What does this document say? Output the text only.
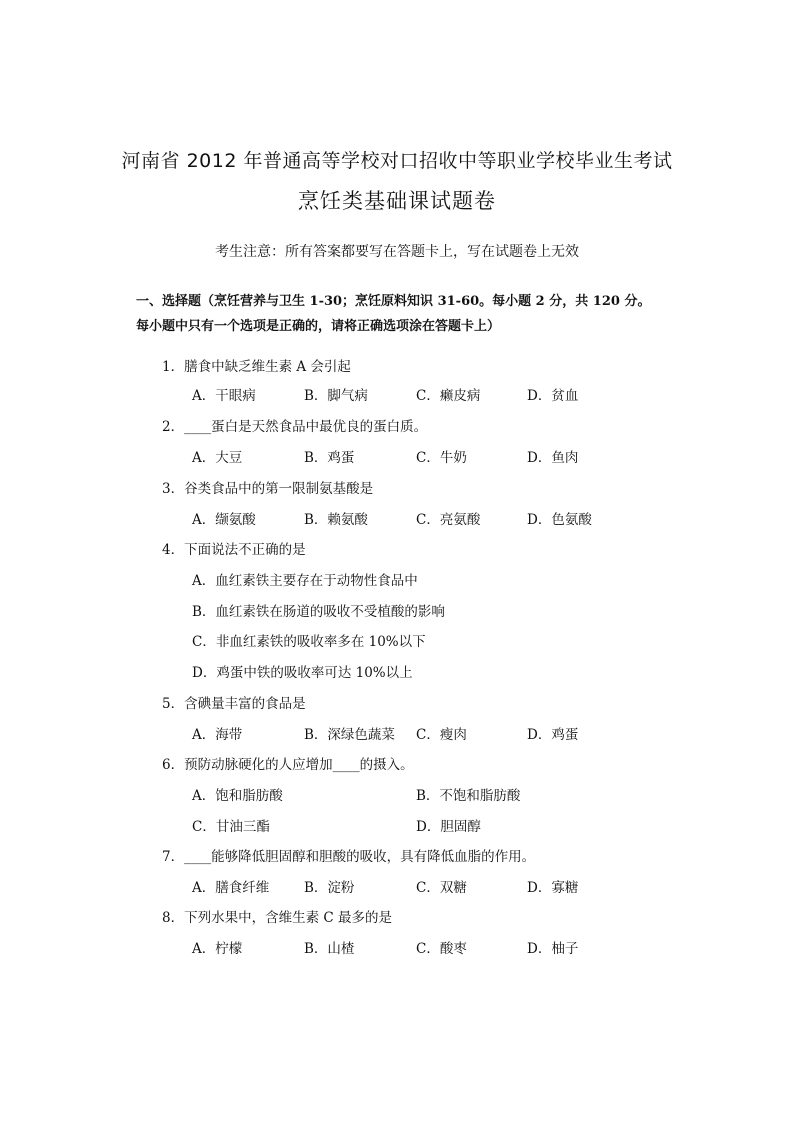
河南省 2012 年普通高等学校对口招收中等职业学校毕业生考试
烹饪类基础课试题卷
考生注意：所有答案都要写在答题卡上，写在试题卷上无效
一、选择题（烹饪营养与卫生 1-30；烹饪原料知识 31-60。每小题 2 分，共 120 分。
每小题中只有一个选项是正确的，请将正确选项涂在答题卡上）
1．膳食中缺乏维生素 A 会引起
A．干眼病	B．脚气病	C．癞皮病	D．贫血
2．____蛋白是天然食品中最优良的蛋白质。
A．大豆	B．鸡蛋	C．牛奶	D．鱼肉
3．谷类食品中的第一限制氨基酸是
A．缬氨酸	B．赖氨酸	C．亮氨酸	D．色氨酸
4．下面说法不正确的是
A．血红素铁主要存在于动物性食品中
B．血红素铁在肠道的吸收不受植酸的影响
C．非血红素铁的吸收率多在 10%以下
D．鸡蛋中铁的吸收率可达 10%以上
5．含碘量丰富的食品是
A．海带	B．深绿色蔬菜 C．瘦肉	D．鸡蛋
6．预防动脉硬化的人应增加____的摄入。
A．饱和脂肪酸	B．不饱和脂肪酸
C．甘油三酯	D．胆固醇
7．____能够降低胆固醇和胆酸的吸收，具有降低血脂的作用。
A．膳食纤维	B．淀粉	C．双糖	D．寡糖
8．下列水果中，含维生素 C 最多的是
A．柠檬	B．山楂	C．酸枣	D．柚子
